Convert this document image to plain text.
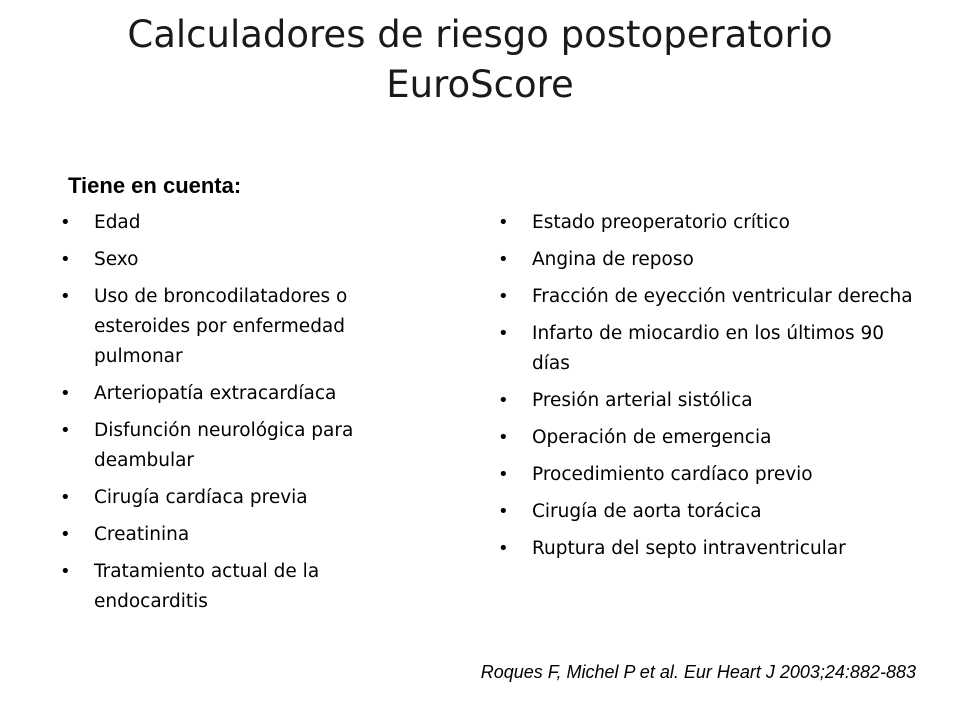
Calculadores de riesgo postoperatorio
EuroScore
Tiene en cuenta:
• Edad
• Sexo
• Uso de broncodilatadores o esteroides por enfermedad pulmonar
• Arteriopatía extracardíaca
• Disfunción neurológica para deambular
• Cirugía cardíaca previa
• Creatinina
• Tratamiento actual de la endocarditis
• Estado preoperatorio crítico
• Angina de reposo
• Fracción de eyección ventricular derecha
• Infarto de miocardio en los últimos 90 días
• Presión arterial sistólica
• Operación de emergencia
• Procedimiento cardíaco previo
• Cirugía de aorta torácica
• Ruptura del septo intraventricular
Roques F, Michel P et al. Eur Heart J 2003;24:882-883
